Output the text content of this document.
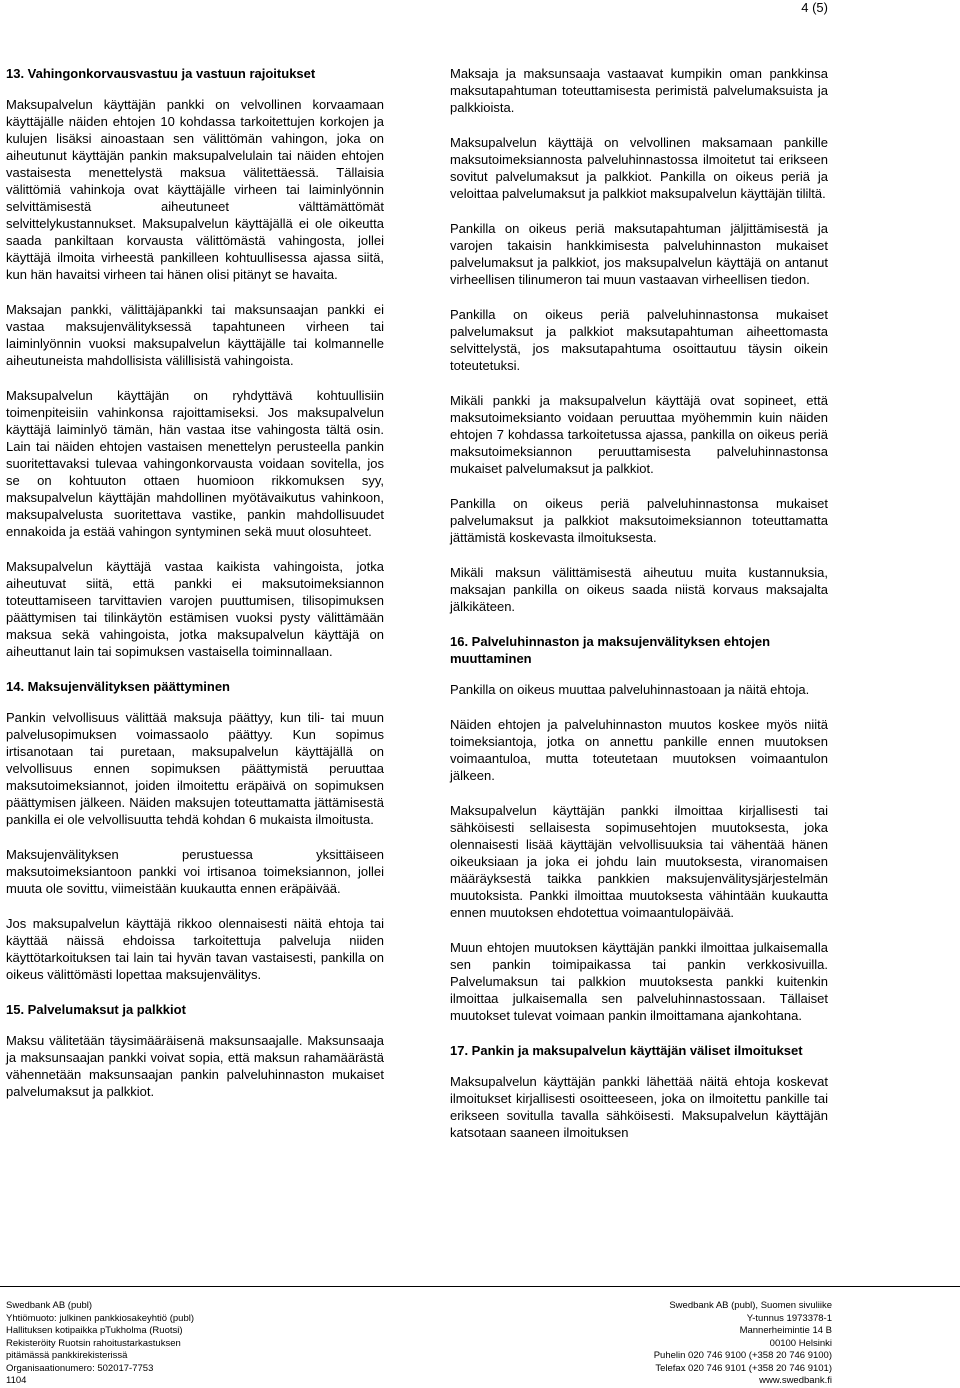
4 (5)
13. Vahingonkorvausvastuu ja vastuun rajoitukset

Maksupalvelun käyttäjän pankki on velvollinen korvaamaan käyttäjälle näiden ehtojen 10 kohdassa tarkoitettujen korkojen ja kulujen lisäksi ainoastaan sen välittömän vahingon, joka on aiheutunut käyttäjän pankin maksupalvelulain tai näiden ehtojen vastaisesta menettelystä maksua välitettäessä. Tällaisia välittömiä vahinkoja ovat käyttäjälle virheen tai laiminlyönnin selvittämisestä aiheutuneet välttämättömät selvittelykustannukset. Maksupalvelun käyttäjällä ei ole oikeutta saada pankiltaan korvausta välittömästä vahingosta, jollei käyttäjä ilmoita virheestä pankilleen kohtuullisessa ajassa siitä, kun hän havaitsi virheen tai hänen olisi pitänyt se havaita.

Maksajan pankki, välittäjäpankki tai maksunsaajan pankki ei vastaa maksujenvälityksessä tapahtuneen virheen tai laiminlyönnin vuoksi maksupalvelun käyttäjälle tai kolmannelle aiheutuneista mahdollisista välillisistä vahingoista.

Maksupalvelun käyttäjän on ryhdyttävä kohtuullisiin toimenpiteisiin vahinkonsa rajoittamiseksi. Jos maksupalvelun käyttäjä laiminlyö tämän, hän vastaa itse vahingosta tältä osin. Lain tai näiden ehtojen vastaisen menettelyn perusteella pankin suoritettavaksi tulevaa vahingonkorvausta voidaan sovitella, jos se on kohtuuton ottaen huomioon rikkomuksen syy, maksupalvelun käyttäjän mahdollinen myötävaikutus vahinkoon, maksupalvelusta suoritettava vastike, pankin mahdollisuudet ennakoida ja estää vahingon syntyminen sekä muut olosuhteet.

Maksupalvelun käyttäjä vastaa kaikista vahingoista, jotka aiheutuvat siitä, että pankki ei maksutoimeksiannon toteuttamiseen tarvittavien varojen puuttumisen, tilisopimuksen päättymisen tai tilinkäytön estämisen vuoksi pysty välittämään maksua sekä vahingoista, jotka maksupalvelun käyttäjä on aiheuttanut lain tai sopimuksen vastaisella toiminnallaan.

14. Maksujenvälityksen päättyminen

Pankin velvollisuus välittää maksuja päättyy, kun tili- tai muun palvelusopimuksen voimassaolo päättyy. Kun sopimus irtisanotaan tai puretaan, maksupalvelun käyttäjällä on velvollisuus ennen sopimuksen päättymistä peruuttaa maksutoimeksiannot, joiden ilmoitettu eräpäivä on sopimuksen päättymisen jälkeen. Näiden maksujen toteuttamatta jättämisestä pankilla ei ole velvollisuutta tehdä kohdan 6 mukaista ilmoitusta.

Maksujenvälityksen perustuessa yksittäiseen maksutoimeksiantoon pankki voi irtisanoa toimeksiannon, jollei muuta ole sovittu, viimeistään kuukautta ennen eräpäivää.

Jos maksupalvelun käyttäjä rikkoo olennaisesti näitä ehtoja tai käyttää näissä ehdoissa tarkoitettuja palveluja niiden käyttötarkoituksen tai lain tai hyvän tavan vastaisesti, pankilla on oikeus välittömästi lopettaa maksujenvälitys.

15. Palvelumaksut ja palkkiot

Maksu välitetään täysimääräisenä maksunsaajalle. Maksunsaaja ja maksunsaajan pankki voivat sopia, että maksun rahamäärästä vähennetään maksunsaajan pankin palveluhinnaston mukaiset palvelumaksut ja palkkiot.

Maksaja ja maksunsaaja vastaavat kumpikin oman pankkinsa maksutapahtuman toteuttamisesta perimistä palvelumaksuista ja palkkioista.

Maksupalvelun käyttäjä on velvollinen maksamaan pankille maksutoimeksiannosta palveluhinnastossa ilmoitetut tai erikseen sovitut palvelumaksut ja palkkiot. Pankilla on oikeus periä ja veloittaa palvelumaksut ja palkkiot maksupalvelun käyttäjän tililtä.

Pankilla on oikeus periä maksutapahtuman jäljittämisestä ja varojen takaisin hankkimisesta palveluhinnaston mukaiset palvelumaksut ja palkkiot, jos maksupalvelun käyttäjä on antanut virheellisen tilinumeron tai muun vastaavan virheellisen tiedon.

Pankilla on oikeus periä palveluhinnastonsa mukaiset palvelumaksut ja palkkiot maksutapahtuman aiheettomasta selvittelystä, jos maksutapahtuma osoittautuu täysin oikein toteutetuksi.

Mikäli pankki ja maksupalvelun käyttäjä ovat sopineet, että maksutoimeksianto voidaan peruuttaa myöhemmin kuin näiden ehtojen 7 kohdassa tarkoitetussa ajassa, pankilla on oikeus periä maksutoimeksiannon peruuttamisesta palveluhinnastonsa mukaiset palvelumaksut ja palkkiot.

Pankilla on oikeus periä palveluhinnastonsa mukaiset palvelumaksut ja palkkiot maksutoimeksiannon toteuttamatta jättämistä koskevasta ilmoituksesta.

Mikäli maksun välittämisestä aiheutuu muita kustannuksia, maksajan pankilla on oikeus saada niistä korvaus maksajalta jälkikäteen.

16. Palveluhinnaston ja maksujenvälityksen ehtojen muuttaminen

Pankilla on oikeus muuttaa palveluhinnastoaan ja näitä ehtoja.

Näiden ehtojen ja palveluhinnaston muutos koskee myös niitä toimeksiantoja, jotka on annettu pankille ennen muutoksen voimaantuloa, mutta toteutetaan muutoksen voimaantulon jälkeen.

Maksupalvelun käyttäjän pankki ilmoittaa kirjallisesti tai sähköisesti sellaisesta sopimusehtojen muutoksesta, joka olennaisesti lisää käyttäjän velvollisuuksia tai vähentää hänen oikeuksiaan ja joka ei johdu lain muutoksesta, viranomaisen määräyksestä taikka pankkien maksujenvälitysjärjestelmän muutoksista. Pankki ilmoittaa muutoksesta vähintään kuukautta ennen muutoksen ehdotettua voimaantulopäivää.

Muun ehtojen muutoksen käyttäjän pankki ilmoittaa julkaisemalla sen pankin toimipaikassa tai pankin verkkosivuilla. Palvelumaksun tai palkkion muutoksesta pankki kuitenkin ilmoittaa julkaisemalla sen palveluhinnastossaan. Tällaiset muutokset tulevat voimaan pankin ilmoittamana ajankohtana.

17. Pankin ja maksupalvelun käyttäjän väliset ilmoitukset

Maksupalvelun käyttäjän pankki lähettää näitä ehtoja koskevat ilmoitukset kirjallisesti osoitteeseen, joka on ilmoitettu pankille tai erikseen sovitulla tavalla sähköisesti. Maksupalvelun käyttäjän katsotaan saaneen ilmoituksen

Swedbank AB (publ)
Yhtiömuoto: julkinen pankkiosakeyhtiö (publ)
Hallituksen kotipaikka pTukholma (Ruotsi)
Rekisteröity Ruotsin rahoitustarkastuksen
pitämässä pankkirekisterissä
Organisaationumero: 502017-7753
1104
Swedbank AB (publ), Suomen sivuliike
Y-tunnus 1973378-1
Mannerheimintie 14 B
00100 Helsinki
Puhelin 020 746 9100 (+358 20 746 9100)
Telefax 020 746 9101 (+358 20 746 9101)
www.swedbank.fi
